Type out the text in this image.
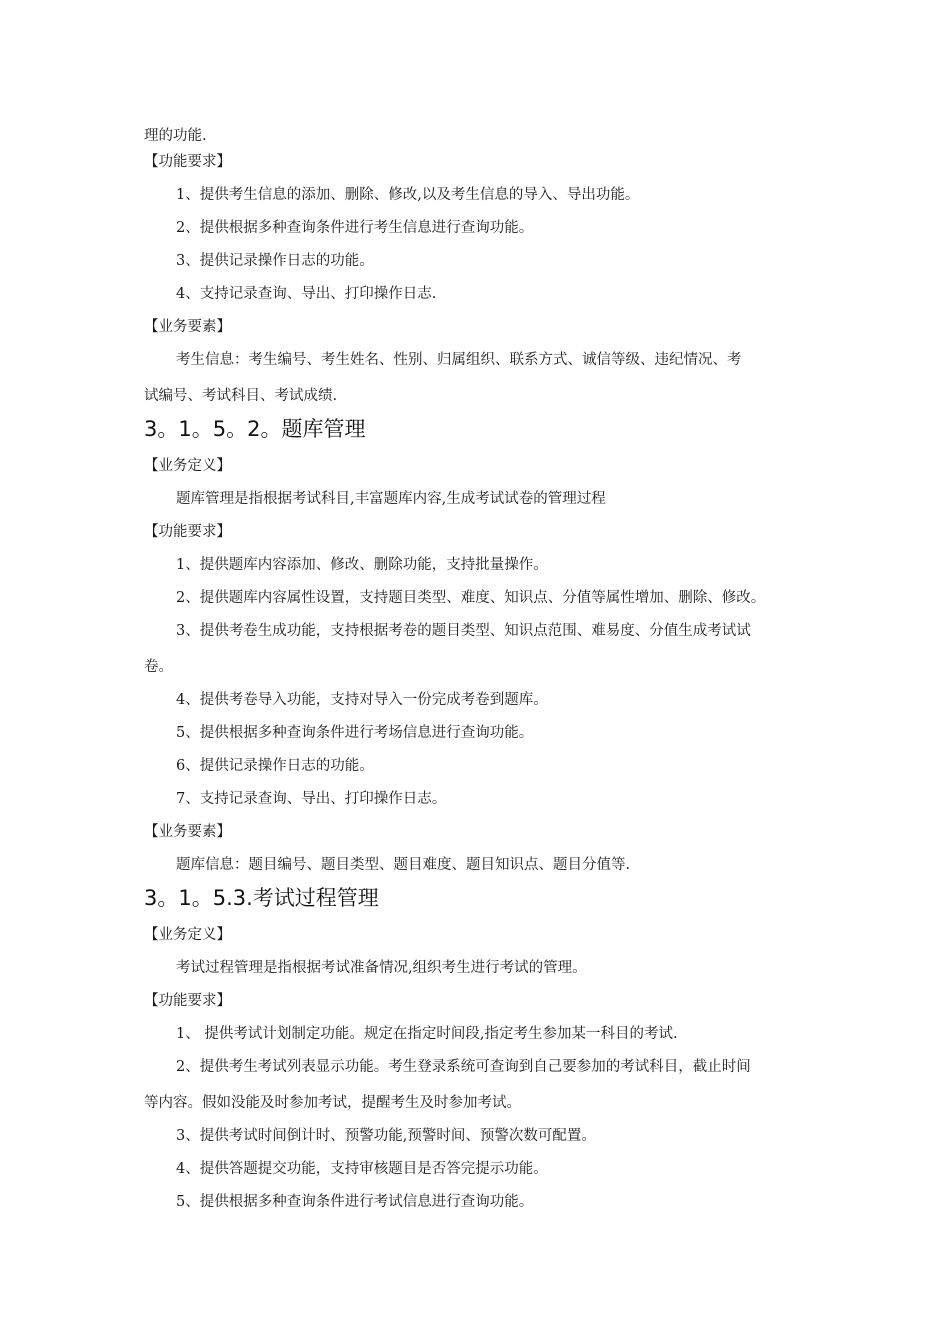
理的功能.
【功能要求】
1、提供考生信息的添加、删除、修改,以及考生信息的导入、导出功能。
2、提供根据多种查询条件进行考生信息进行查询功能。
3、提供记录操作日志的功能。
4、支持记录查询、导出、打印操作日志.
【业务要素】
考生信息：考生编号、考生姓名、性别、归属组织、联系方式、诚信等级、违纪情况、考
试编号、考试科目、考试成绩.
3。1。5。2。题库管理
【业务定义】
题库管理是指根据考试科目,丰富题库内容,生成考试试卷的管理过程
【功能要求】
1、提供题库内容添加、修改、删除功能，支持批量操作。
2、提供题库内容属性设置，支持题目类型、难度、知识点、分值等属性增加、删除、修改。
3、提供考卷生成功能，支持根据考卷的题目类型、知识点范围、难易度、分值生成考试试
卷。
4、提供考卷导入功能，支持对导入一份完成考卷到题库。
5、提供根据多种查询条件进行考场信息进行查询功能。
6、提供记录操作日志的功能。
7、支持记录查询、导出、打印操作日志。
【业务要素】
题库信息：题目编号、题目类型、题目难度、题目知识点、题目分值等.
3。1。5.3.考试过程管理
【业务定义】
考试过程管理是指根据考试准备情况,组织考生进行考试的管理。
【功能要求】
1、 提供考试计划制定功能。规定在指定时间段,指定考生参加某一科目的考试.
2、提供考生考试列表显示功能。考生登录系统可查询到自己要参加的考试科目，截止时间
等内容。假如没能及时参加考试，提醒考生及时参加考试。
3、提供考试时间倒计时、预警功能,预警时间、预警次数可配置。
4、提供答题提交功能，支持审核题目是否答完提示功能。
5、提供根据多种查询条件进行考试信息进行查询功能。
